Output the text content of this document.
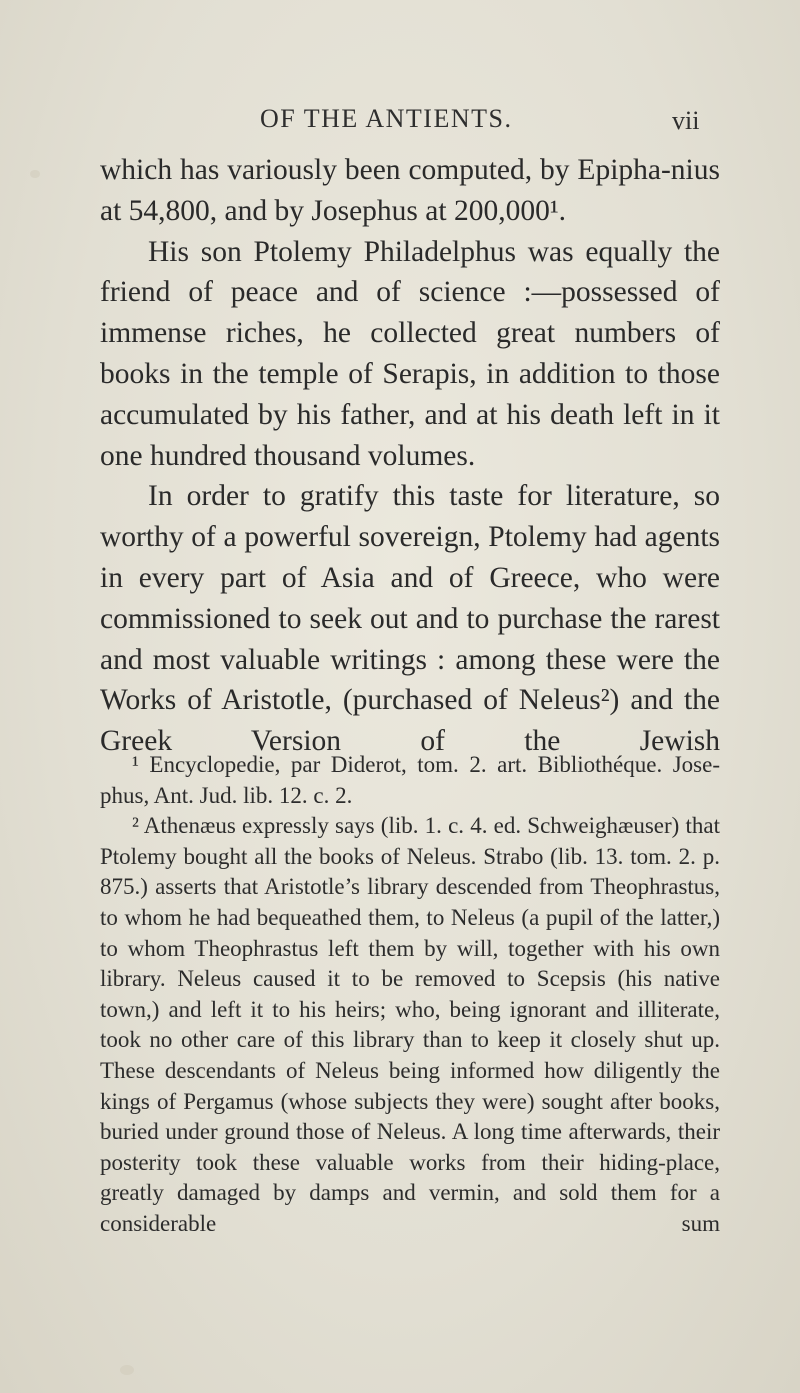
OF THE ANTIENTS.	vii

which has variously been computed, by Epipha-nius at 54,800, and by Josephus at 200,000¹.

His son Ptolemy Philadelphus was equally the friend of peace and of science :—possessed of immense riches, he collected great numbers of books in the temple of Serapis, in addition to those accumulated by his father, and at his death left in it one hundred thousand volumes.

In order to gratify this taste for literature, so worthy of a powerful sovereign, Ptolemy had agents in every part of Asia and of Greece, who were commissioned to seek out and to purchase the rarest and most valuable writings : among these were the Works of Aristotle, (purchased of Neleus²) and the Greek Version of the Jewish

¹ Encyclopedie, par Diderot, tom. 2. art. Bibliothéque. Jose-phus, Ant. Jud. lib. 12. c. 2.

² Athenæus expressly says (lib. 1. c. 4. ed. Schweighæuser) that Ptolemy bought all the books of Neleus. Strabo (lib. 13. tom. 2. p. 875.) asserts that Aristotle’s library descended from Theophrastus, to whom he had bequeathed them, to Neleus (a pupil of the latter,) to whom Theophrastus left them by will, together with his own library. Neleus caused it to be removed to Scepsis (his native town,) and left it to his heirs; who, being ignorant and illiterate, took no other care of this library than to keep it closely shut up. These descendants of Neleus being informed how diligently the kings of Pergamus (whose subjects they were) sought after books, buried under ground those of Neleus. A long time afterwards, their posterity took these valuable works from their hiding-place, greatly damaged by damps and vermin, and sold them for a considerable sum
